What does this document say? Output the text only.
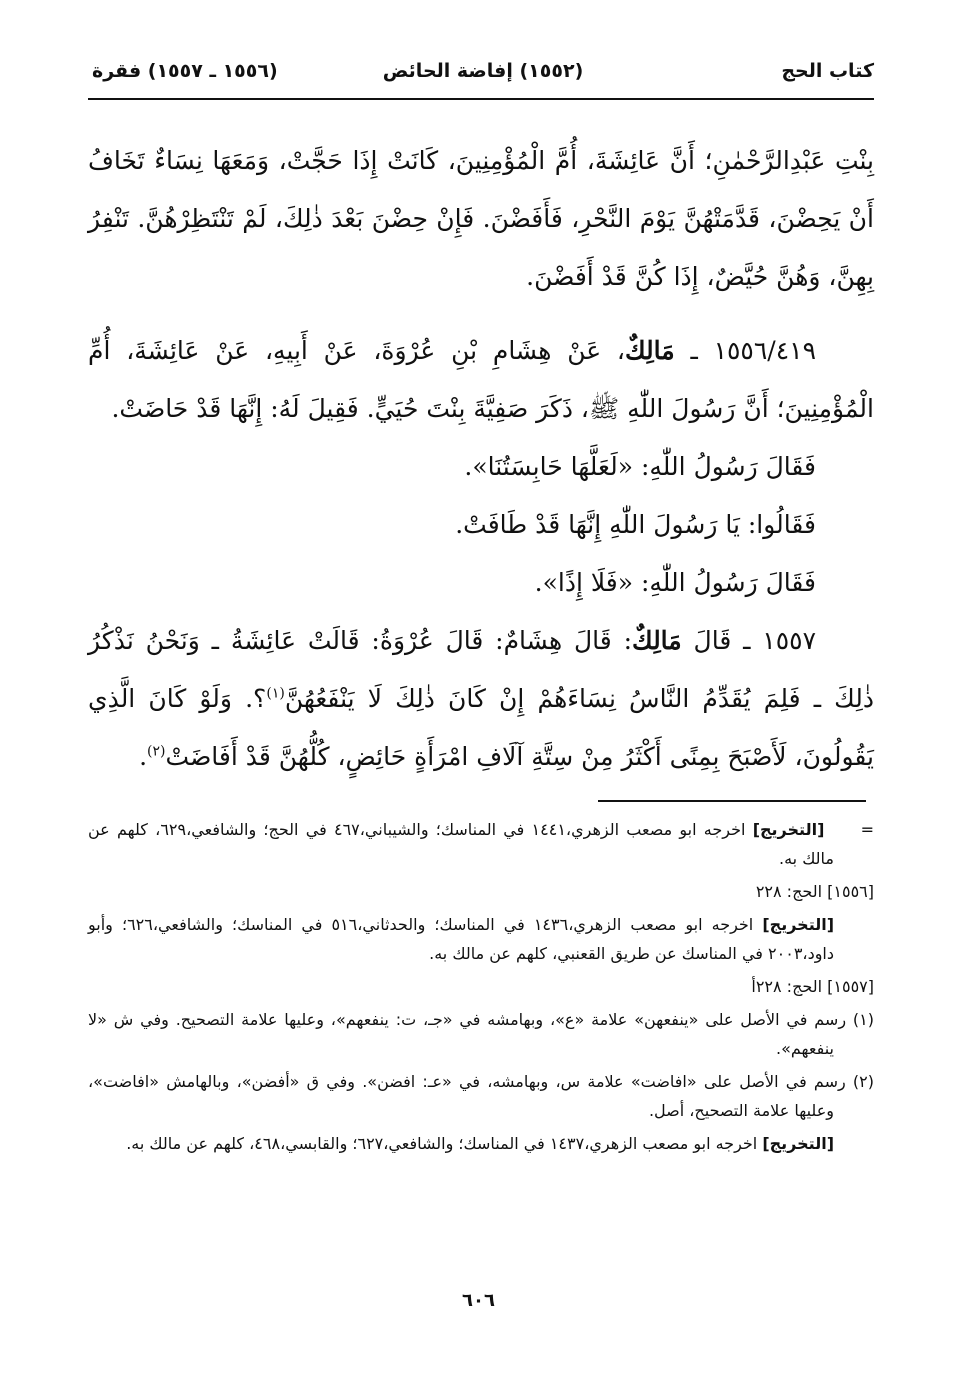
كتاب الحج
(١٥٥٢) إفاضة الحائض
(١٥٥٦ ـ ١٥٥٧) فقرة

بِنْتِ عَبْدِالرَّحْمٰنِ؛ أَنَّ عَائِشَةَ، أُمَّ الْمُؤْمِنِينَ، كَانَتْ إِذَا حَجَّتْ، وَمَعَهَا نِسَاءٌ تَخَافُ أَنْ يَحِضْنَ، قَدَّمَتْهُنَّ يَوْمَ النَّحْرِ، فَأَفَضْنَ. فَإِنْ حِضْنَ بَعْدَ ذٰلِكَ، لَمْ تَنْتَظِرْهُنَّ. تَنْفِرُ بِهِنَّ، وَهُنَّ حُيَّضٌ، إِذَا كُنَّ قَدْ أَفَضْنَ.

١٥٥٦/٤١٩ ـ مَالِكٌ، عَنْ هِشَامِ بْنِ عُرْوَةَ، عَنْ أَبِيهِ، عَنْ عَائِشَةَ، أُمِّ الْمُؤْمِنِينَ؛ أَنَّ رَسُولَ اللّٰهِ ﷺ، ذَكَرَ صَفِيَّةَ بِنْتَ حُيَيٍّ. فَقِيلَ لَهُ: إِنَّهَا قَدْ حَاضَتْ.

فَقَالَ رَسُولُ اللّٰهِ: «لَعَلَّهَا حَابِسَتُنَا».

فَقَالُوا: يَا رَسُولَ اللّٰهِ إِنَّهَا قَدْ طَافَتْ.

فَقَالَ رَسُولُ اللّٰهِ: «فَلَا إِذًا».

١٥٥٧ ـ قَالَ مَالِكٌ: قَالَ هِشَامٌ: قَالَ عُرْوَةُ: قَالَتْ عَائِشَةُ ـ وَنَحْنُ نَذْكُرُ ذٰلِكَ ـ فَلِمَ يُقَدِّمُ النَّاسُ نِسَاءَهُمْ إِنْ كَانَ ذٰلِكَ لَا يَنْفَعُهُنَّ$^{(١)}$؟. وَلَوْ كَانَ الَّذِي يَقُولُونَ، لَأَصْبَحَ بِمِنًى أَكْثَرُ مِنْ سِتَّةِ آلَافِ امْرَأَةٍ حَائِضٍ، كُلُّهُنَّ قَدْ أَفَاضَتْ$^{(٢)}$.

=     [التخريج] اخرجه ابو مصعب الزهري،١٤٤١ في المناسك؛ والشيباني،٤٦٧ في الحج؛ والشافعي،٦٢٩، كلهم عن مالك به.

[١٥٥٦] الحج: ٢٢٨

[التخريج] اخرجه ابو مصعب الزهري،١٤٣٦ في المناسك؛ والحدثاني،٥١٦ في المناسك؛ والشافعي،٦٢٦؛ وأبو داود،٢٠٠٣ في المناسك عن طريق القعنبي، كلهم عن مالك به.

[١٥٥٧] الحج: ٢٢٨أ

(١) رسم في الأصل على «ينفعهن» علامة «ع»، وبهامشه في «جـ، ت: ينفعهم»، وعليها علامة التصحيح. وفي ش «لا ينفعهم».

(٢) رسم في الأصل على «افاضت» علامة س، وبهامشه، في «عـ: افضن». وفي ق «أفضن»، وبالهامش «افاضت»، وعليها علامة التصحيح، أصل.

[التخريج] اخرجه ابو مصعب الزهري،١٤٣٧ في المناسك؛ والشافعي،٦٢٧؛ والقابسي،٤٦٨، كلهم عن مالك به.

٦٠٦
